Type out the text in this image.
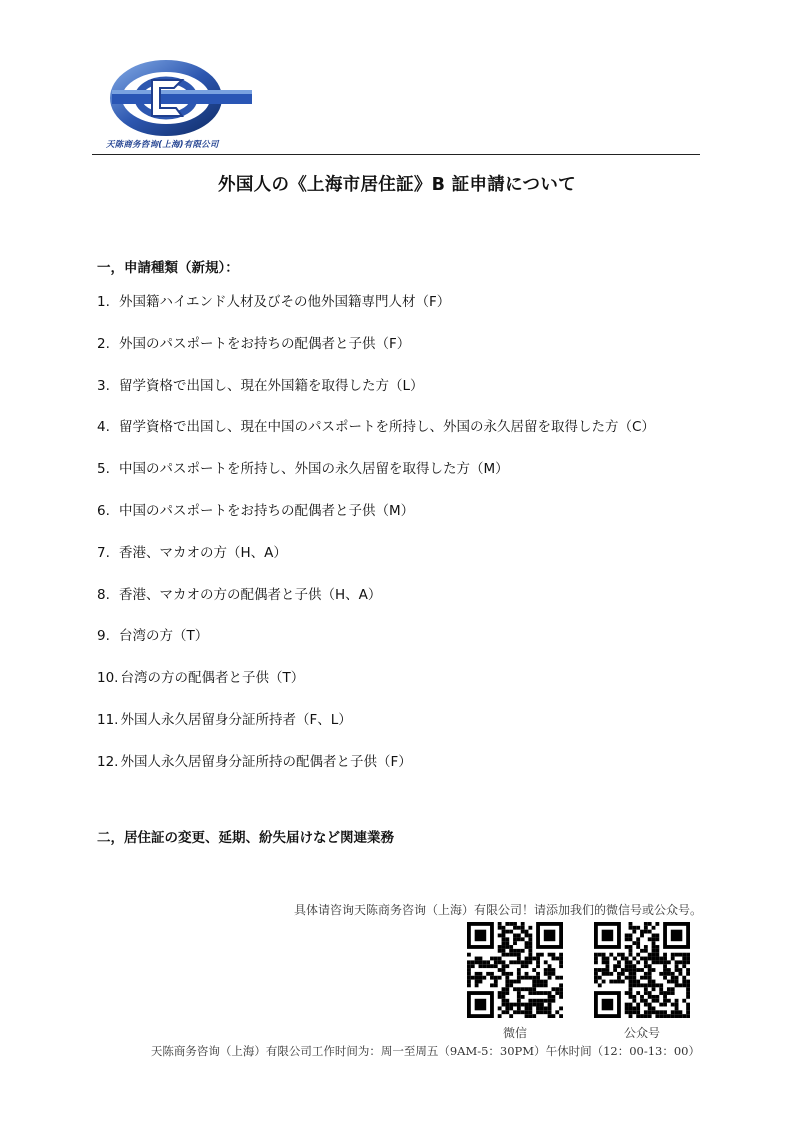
天陈商务咨询(上海)有限公司
外国人の《上海市居住証》B 証申請について
一，申請種類（新規）：
1. 外国籍ハイエンド人材及びその他外国籍専門人材（F）
2. 外国のパスポートをお持ちの配偶者と子供（F）
3. 留学資格で出国し、現在外国籍を取得した方（L）
4. 留学資格で出国し、現在中国のパスポートを所持し、外国の永久居留を取得した方（C）
5. 中国のパスポートを所持し、外国の永久居留を取得した方（M）
6. 中国のパスポートをお持ちの配偶者と子供（M）
7. 香港、マカオの方（H、A）
8. 香港、マカオの方の配偶者と子供（H、A）
9. 台湾の方（T）
10. 台湾の方の配偶者と子供（T）
11. 外国人永久居留身分証所持者（F、L）
12. 外国人永久居留身分証所持の配偶者と子供（F）
二，居住証の変更、延期、紛失届けなど関連業務
具体请咨询天陈商务咨询（上海）有限公司！请添加我们的微信号或公众号。
微信	公众号
天陈商务咨询（上海）有限公司工作时间为：周一至周五（9AM-5：30PM）午休时间（12：00-13：00）
